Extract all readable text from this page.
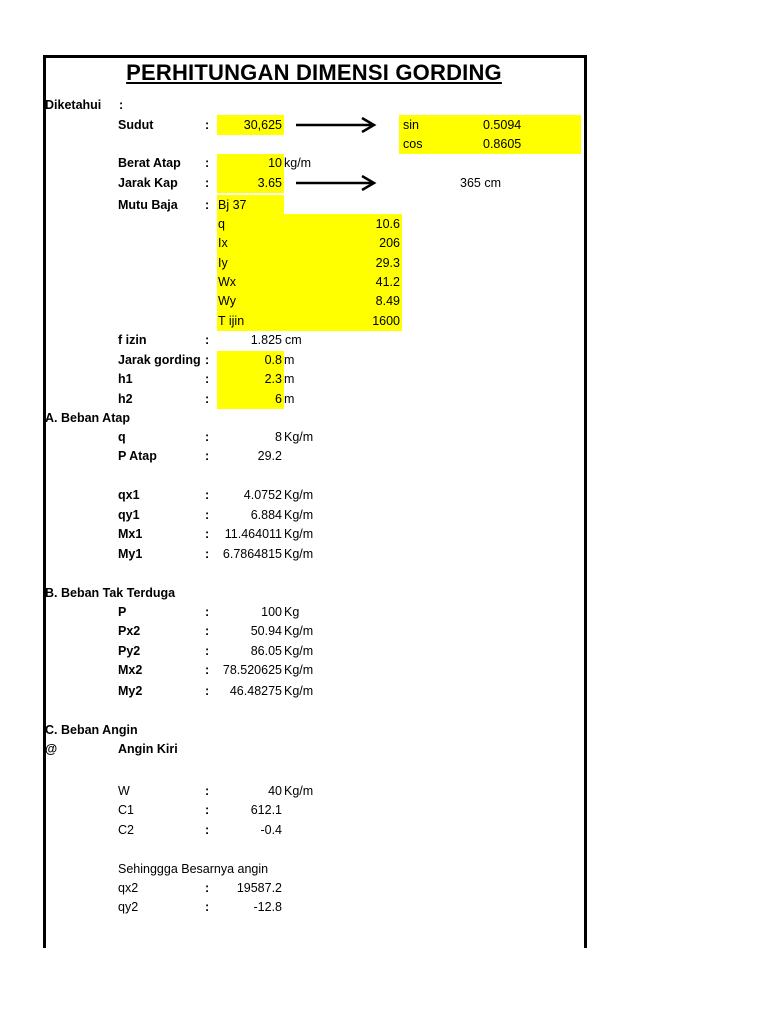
PERHITUNGAN DIMENSI GORDING
Diketahui :
Sudut	:	30,625	sin	0.5094
cos	0.8605
Berat Atap :	10 kg/m
Jarak Kap :	3.65	365 cm
Mutu Baja : Bj 37
q	10.6
Ix	206
Iy	29.3
Wx	41.2
Wy	8.49
T ijin	1600
f izin	:	1.825 cm
Jarak gording :	0.8 m
h1	:	2.3 m
h2	:	6 m
A. Beban Atap
q	:	8 Kg/m
P Atap	:	29.2
qx1	:	4.0752 Kg/m
qy1	:	6.884 Kg/m
Mx1	:	11.464011 Kg/m
My1	:	6.7864815 Kg/m
B. Beban Tak Terduga
P	:	100 Kg
Px2	:	50.94 Kg/m
Py2	:	86.05 Kg/m
Mx2	:	78.520625 Kg/m
My2	:	46.48275 Kg/m
C. Beban Angin
@	Angin Kiri
W	:	40 Kg/m
C1	:	612.1
C2	:	-0.4
Sehinggga Besarnya angin
qx2	:	19587.2
qy2	:	-12.8
